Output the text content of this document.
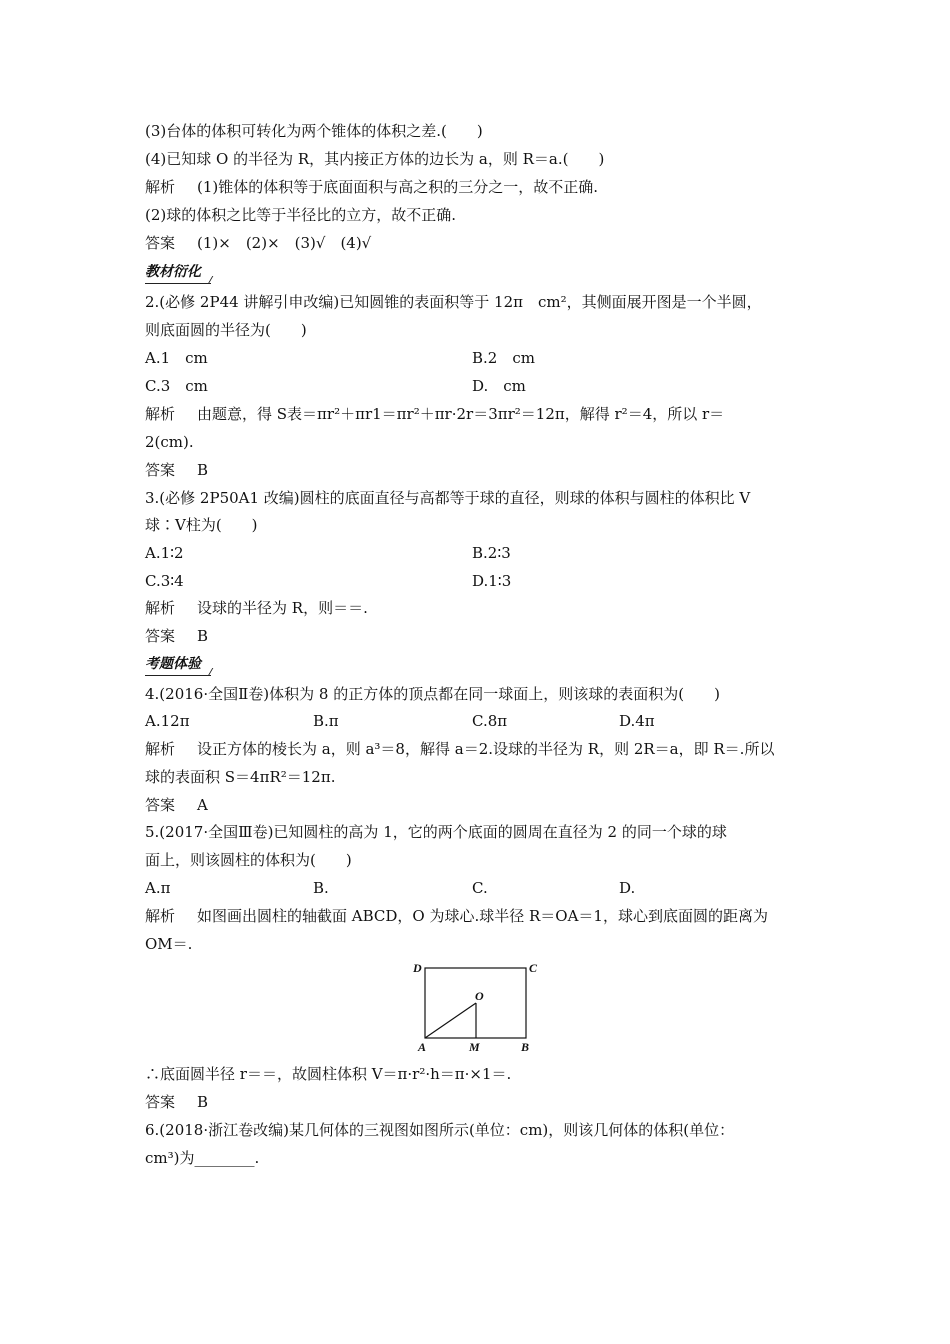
(3)台体的体积可转化为两个锥体的体积之差.(　　)
(4)已知球 O 的半径为 R，其内接正方体的边长为 a，则 R＝a.(　　)
解析 (1)锥体的体积等于底面面积与高之积的三分之一，故不正确.
(2)球的体积之比等于半径比的立方，故不正确.
答案 (1)×　(2)×　(3)√　(4)√
教材衍化
2.(必修 2P44 讲解引申改编)已知圆锥的表面积等于 12π　cm²，其侧面展开图是一个半圆，
则底面圆的半径为(　　)
A.1　cm	B.2　cm
C.3　cm	D.　cm
解析 由题意，得 S表＝πr²＋πr1＝πr²＋πr·2r＝3πr²＝12π，解得 r²＝4，所以 r＝
2(cm).
答案 B
3.(必修 2P50A1 改编)圆柱的底面直径与高都等于球的直径，则球的体积与圆柱的体积比 V
球∶V柱为(　　)
A.1∶2	B.2∶3
C.3∶4	D.1∶3
解析 设球的半径为 R，则＝＝.
答案 B
考题体验
4.(2016·全国Ⅱ卷)体积为 8 的正方体的顶点都在同一球面上，则该球的表面积为(　　)
A.12π	B.π	C.8π	D.4π
解析 设正方体的棱长为 a，则 a³＝8，解得 a＝2.设球的半径为 R，则 2R＝a，即 R＝.所以
球的表面积 S＝4πR²＝12π.
答案 A
5.(2017·全国Ⅲ卷)已知圆柱的高为 1，它的两个底面的圆周在直径为 2 的同一个球的球
面上，则该圆柱的体积为(　　)
A.π	B.	C.	D.
解析 如图画出圆柱的轴截面 ABCD，O 为球心.球半径 R＝OA＝1，球心到底面圆的距离为
OM＝.
D	C
O
A	M	B
∴底面圆半径 r＝＝，故圆柱体积 V＝π·r²·h＝π·×1＝.
答案 B
6.(2018·浙江卷改编)某几何体的三视图如图所示(单位：cm)，则该几何体的体积(单位：
cm³)为________.
